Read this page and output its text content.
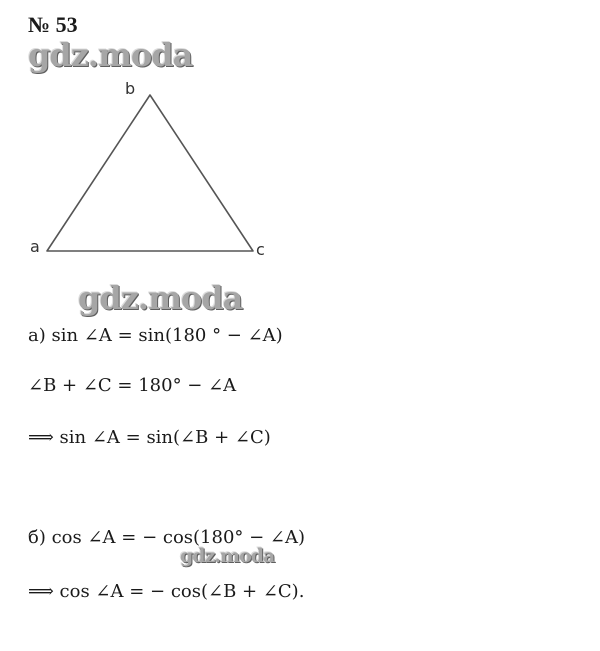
№ 53
gdz.moda
b
a	c
gdz.moda
а) sin ∠A = sin(180 ° − ∠A)
∠B + ∠C = 180° − ∠A
⟹ sin ∠A = sin(∠B + ∠C)
б) cos ∠A = − cos(180° − ∠A)
gdz.moda
⟹ cos ∠A = − cos(∠B + ∠C).
